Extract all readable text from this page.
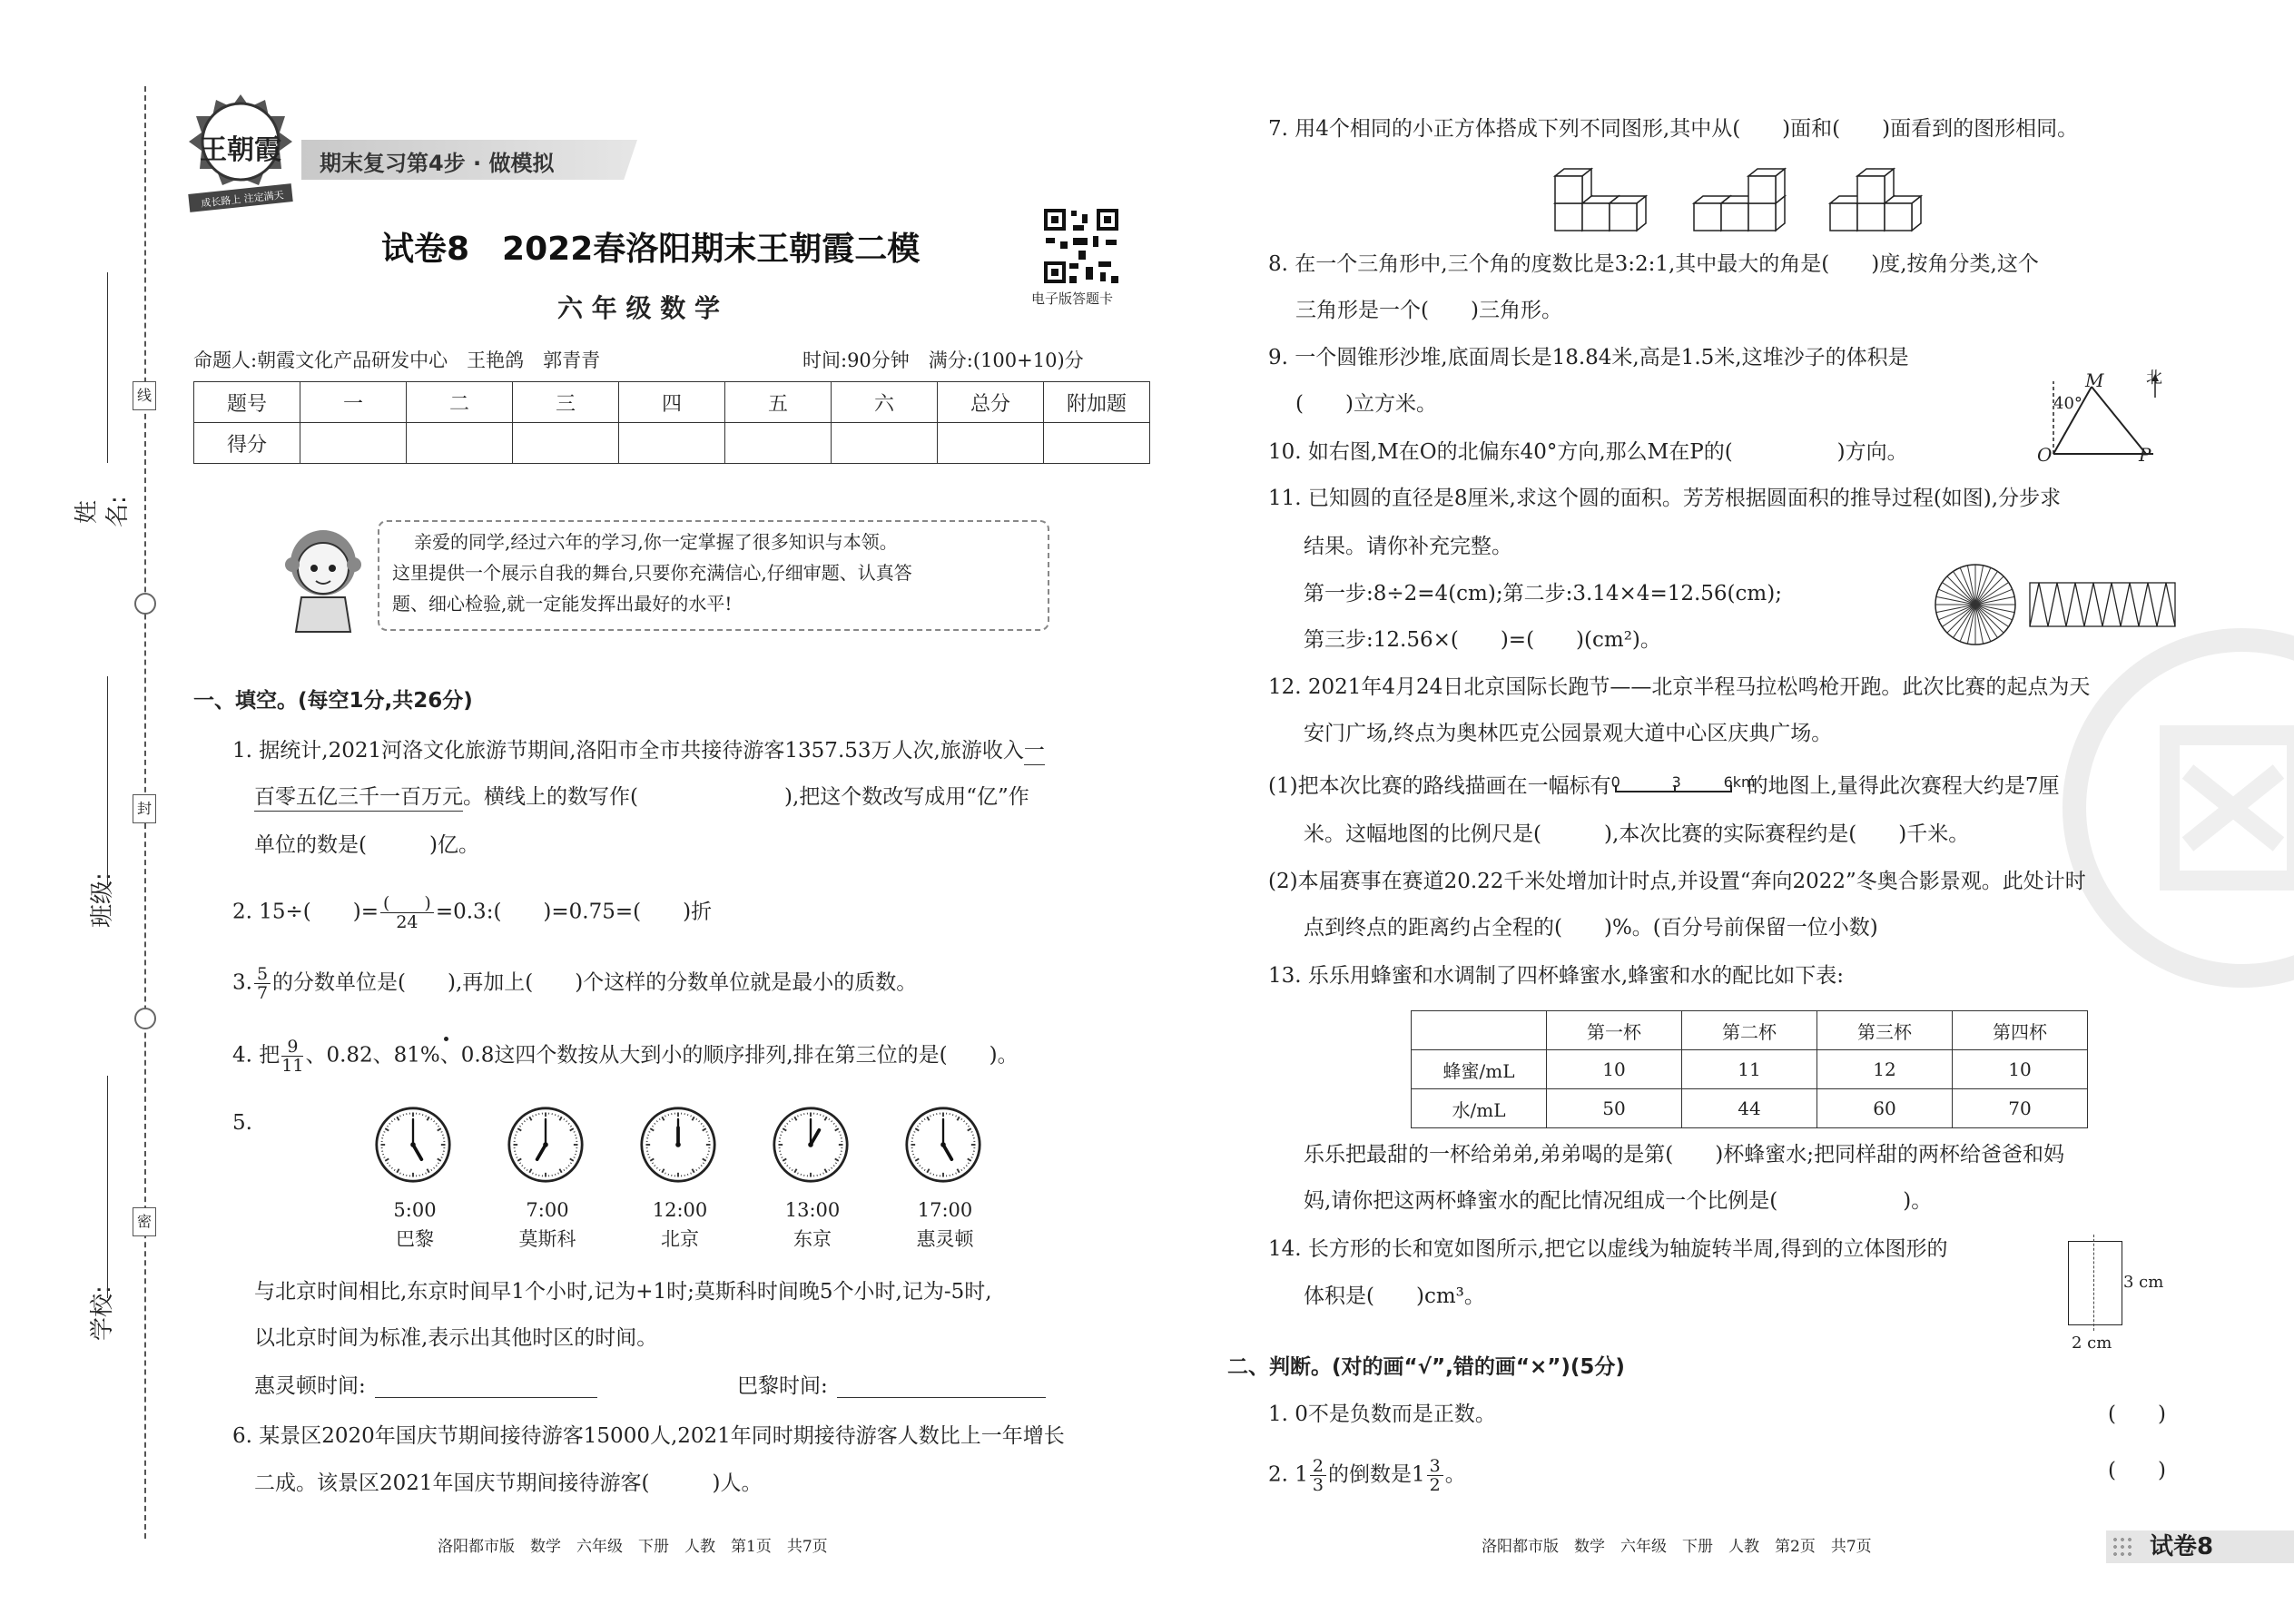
姓名:
班级:
学校:
线
封
密
王朝霞
成长路上 注定满天
期末复习第4步 · 做模拟
试卷8　2022春洛阳期末王朝霞二模
六 年 级 数 学	电子版答题卡
命题人:朝霞文化产品研发中心　王艳鸽　郭青青	时间:90分钟　满分:(100+10)分
题号	一	二	三	四	五	六	总分	附加题
得分								
亲爱的同学,经过六年的学习,你一定掌握了很多知识与本领。
这里提供一个展示自我的舞台,只要你充满信心,仔细审题、认真答
题、细心检验,就一定能发挥出最好的水平!
一、填空。(每空1分,共26分)
1. 据统计,2021河洛文化旅游节期间,洛阳市全市共接待游客1357.53万人次,旅游收入一
百零五亿三千一百万元。横线上的数写作(　　　　　　　),把这个数改写成用“亿”作
单位的数是(　　　)亿。
2. 15÷(　　)= $\frac{( )}{24}$ =0.3:(　　)=0.75=(　　)折
3. $\frac{5}{7}$ 的分数单位是(　　),再加上(　　)个这样的分数单位就是最小的质数。
4. 把 $\frac{9}{11}$ 、0.82、81%、0.8这四个数按从大到小的顺序排列,排在第三位的是(　　)。
5.
5:00	7:00	12:00	13:00	17:00
巴黎	莫斯科	北京	东京	惠灵顿
与北京时间相比,东京时间早1个小时,记为+1时;莫斯科时间晚5个小时,记为-5时,
以北京时间为标准,表示出其他时区的时间。
惠灵顿时间:	巴黎时间:
6. 某景区2020年国庆节期间接待游客15000人,2021年同时期接待游客人数比上一年增长
二成。该景区2021年国庆节期间接待游客(　　　)人。
洛阳都市版　数学　六年级　下册　人教　第1页　共7页
7. 用4个相同的小正方体搭成下列不同图形,其中从(　　)面和(　　)面看到的图形相同。
8. 在一个三角形中,三个角的度数比是3:2:1,其中最大的角是(　　)度,按角分类,这个
三角形是一个(　　)三角形。
9. 一个圆锥形沙堆,底面周长是18.84米,高是1.5米,这堆沙子的体积是
(　　)立方米。
M
O	P
40°
北
10. 如右图,M在O的北偏东40°方向,那么M在P的(　　　　　)方向。
11. 已知圆的直径是8厘米,求这个圆的面积。芳芳根据圆面积的推导过程(如图),分步求
结果。请你补充完整。
第一步:8÷2=4(cm);第二步:3.14×4=12.56(cm);
第三步:12.56×(　　)=(　　)(cm²)。
12. 2021年4月24日北京国际长跑节——北京半程马拉松鸣枪开跑。此次比赛的起点为天
安门广场,终点为奥林匹克公园景观大道中心区庆典广场。
(1)把本次比赛的路线描画在一幅标有 0	3	6km
的地图上,量得此次赛程大约是7厘
米。这幅地图的比例尺是(　　　),本次比赛的实际赛程约是(　　)千米。
(2)本届赛事在赛道20.22千米处增加计时点,并设置“奔向2022”冬奥合影景观。此处计时
点到终点的距离约占全程的(　　)%。(百分号前保留一位小数)
13. 乐乐用蜂蜜和水调制了四杯蜂蜜水,蜂蜜和水的配比如下表:
	第一杯	第二杯	第三杯	第四杯
蜂蜜/mL	10	11	12	10
水/mL	50	44	60	70
乐乐把最甜的一杯给弟弟,弟弟喝的是第(　　)杯蜂蜜水;把同样甜的两杯给爸爸和妈
妈,请你把这两杯蜂蜜水的配比情况组成一个比例是(　　　　　　)。
14. 长方形的长和宽如图所示,把它以虚线为轴旋转半周,得到的立体图形的
体积是(　　)cm³。
3 cm
2 cm
二、判断。(对的画“√”,错的画“×”)(5分)
1. 0不是负数而是正数。	(　　)
2. $1 \frac{2}{3}$ 的倒数是$1 \frac{3}{2}$ 。	(　　)
洛阳都市版　数学　六年级　下册　人教　第2页　共7页	试卷8
